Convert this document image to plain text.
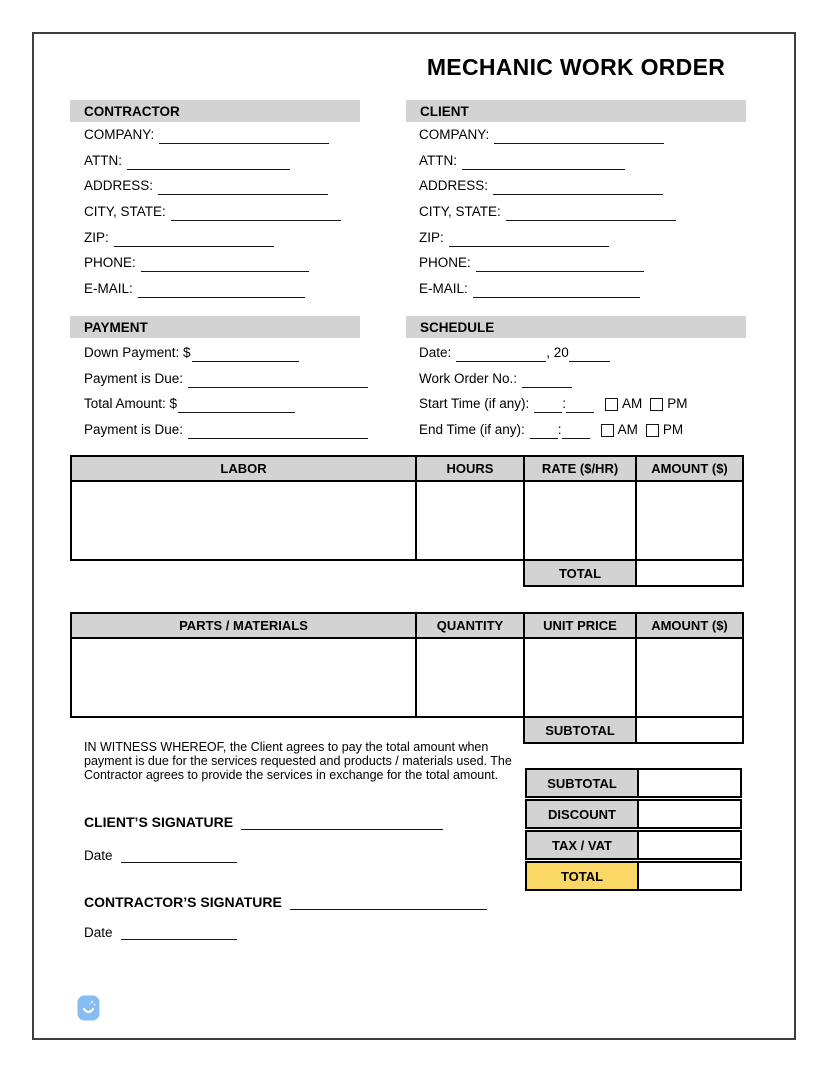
MECHANIC WORK ORDER
CONTRACTOR
COMPANY:
ATTN:
ADDRESS:
CITY, STATE:
ZIP:
PHONE:
E-MAIL:
CLIENT
COMPANY:
ATTN:
ADDRESS:
CITY, STATE:
ZIP:
PHONE:
E-MAIL:
PAYMENT
Down Payment: $
Payment is Due:
Total Amount: $
Payment is Due:
SCHEDULE
Date:	, 20
Work Order No.:
Start Time (if any): :	AM PM
End Time (if any): :	AM PM
LABOR	HOURS	RATE ($/HR)	AMOUNT ($)

		TOTAL	
PARTS / MATERIALS	QUANTITY	UNIT PRICE	AMOUNT ($)

		SUBTOTAL	
IN WITNESS WHEREOF, the Client agrees to pay the total amount when payment is due for the services requested and products / materials used. The Contractor agrees to provide the services in exchange for the total amount.
SUBTOTAL
DISCOUNT
TAX / VAT
TOTAL
CLIENT’S SIGNATURE
Date
CONTRACTOR’S SIGNATURE
Date
